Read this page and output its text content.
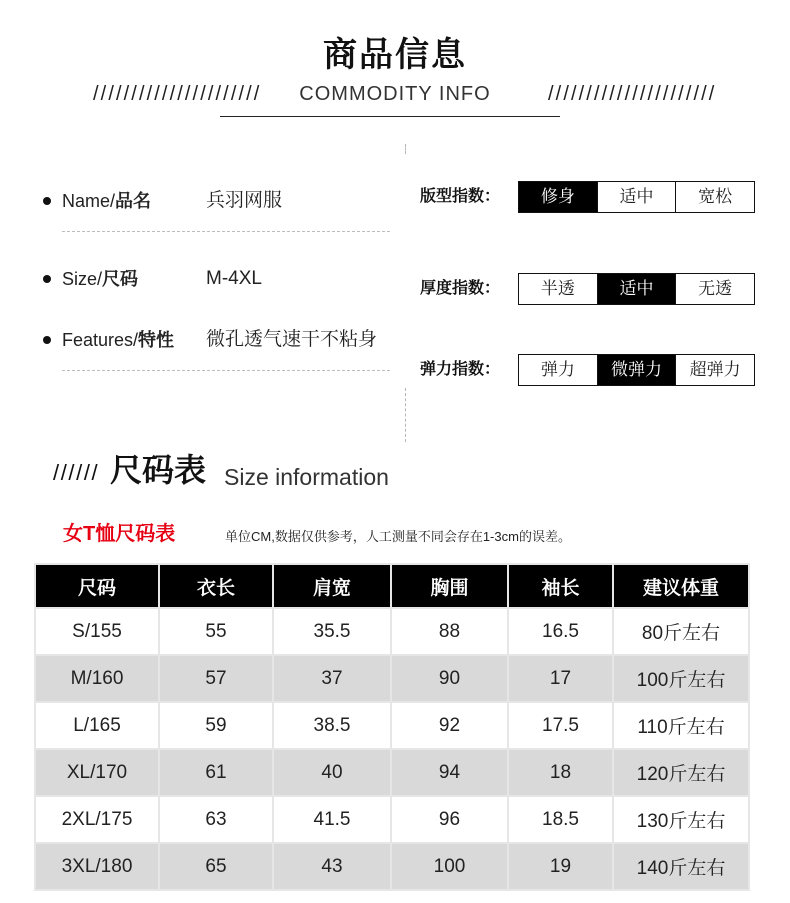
商品信息
//////////////////////	COMMODITY INFO	//////////////////////
Name/品名	兵羽网服
Size/尺码	M-4XL
Features/特性 微孔透气速干不粘身
版型指数：	修身	适中	宽松
厚度指数：	半透	适中	无透
弹力指数：	弹力	微弹力	超弹力
////// 尺码表 Size information
女T恤尺码表	单位CM,数据仅供参考，人工测量不同会存在1-3cm的误差。
尺码	衣长	肩宽	胸围	袖长	建议体重
S/155	55	35.5	88	16.5	80斤左右
M/160	57	37	90	17	100斤左右
L/165	59	38.5	92	17.5	110斤左右
XL/170	61	40	94	18	120斤左右
2XL/175	63	41.5	96	18.5	130斤左右
3XL/180	65	43	100	19	140斤左右
